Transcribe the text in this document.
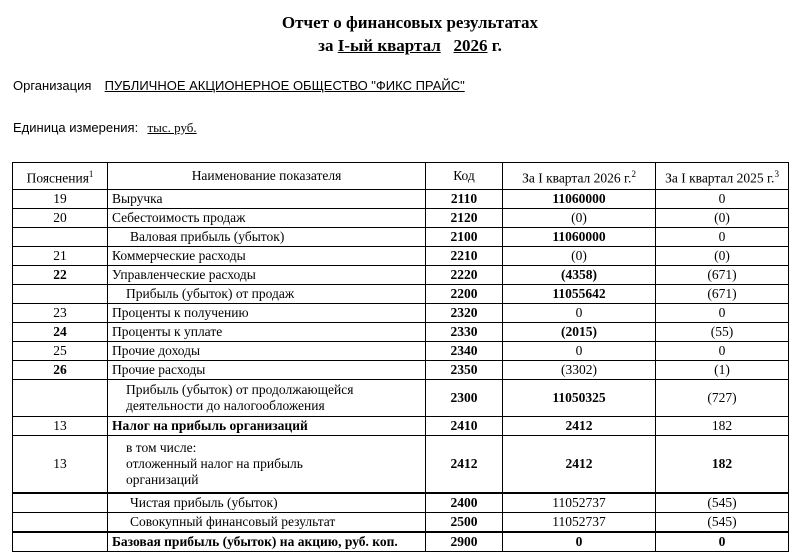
Отчет о финансовых результатах
за I-ый квартал 2026 г.
Организация ПУБЛИЧНОЕ АКЦИОНЕРНОЕ ОБЩЕСТВО "ФИКС ПРАЙС"
Единица измерения: тыс. руб.
Пояснения$^1$	Наименование показателя	Код	За I квартал 2026 г.$^2$	За I квартал 2025 г.$^3$
19	Выручка	2110	11060000	0
20	Себестоимость продаж	2120	(0)	(0)
	Валовая прибыль (убыток)	2100	11060000	0
21	Коммерческие расходы	2210	(0)	(0)
22	Управленческие расходы	2220	(4358)	(671)
	Прибыль (убыток) от продаж	2200	11055642	(671)
23	Проценты к получению	2320	0	0
24	Проценты к уплате	2330	(2015)	(55)
25	Прочие доходы	2340	0	0
26	Прочие расходы	2350	(3302)	(1)

	Прибыль (убыток) от продолжающейся
деятельности до налогообложения	2300	11050325	(727)
13	Налог на прибыль организаций	2410	2412	182
13	в том числе:
отложенный налог на прибыль
организаций	2412	2412	182
	Чистая прибыль (убыток)	2400	11052737	(545)
	Совокупный финансовый результат	2500	11052737	(545)
	Базовая прибыль (убыток) на акцию, руб. коп.	2900	0	0
